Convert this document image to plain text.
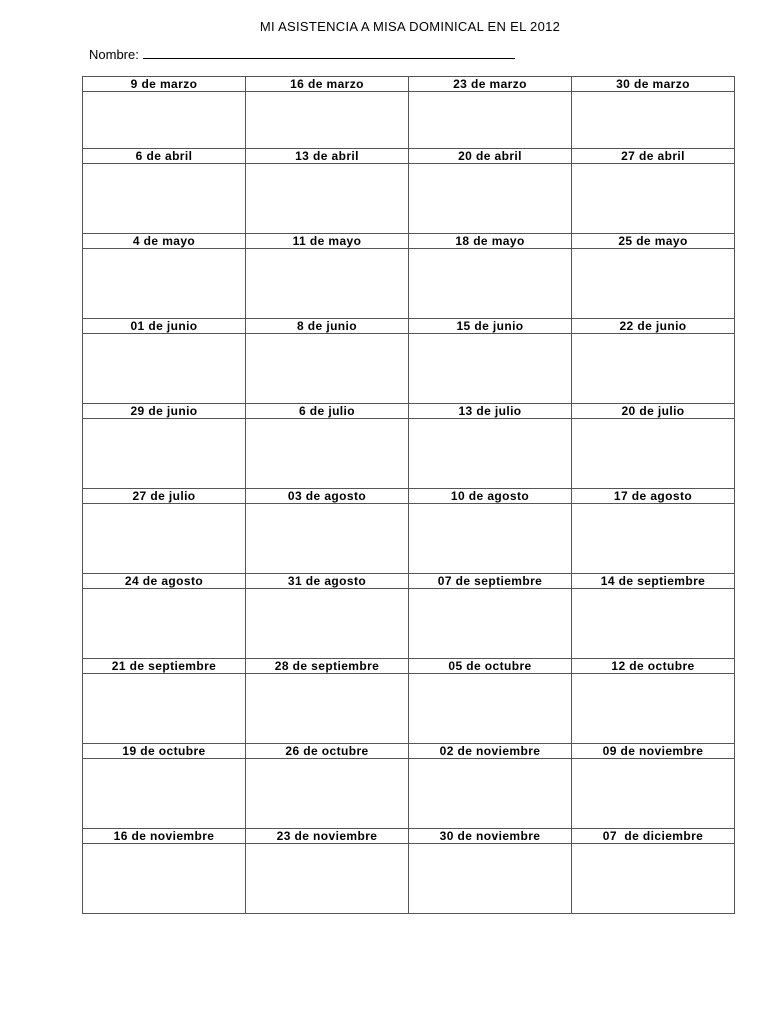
MI ASISTENCIA A MISA DOMINICAL EN EL 2012
Nombre:
9 de marzo	16 de marzo	23 de marzo	30 de marzo

6 de abril	13 de abril	20 de abril	27 de abril

4 de mayo	11 de mayo	18 de mayo	25 de mayo

01 de junio	8 de junio	15 de junio	22 de junio

29 de junio	6 de julio	13 de julio	20 de julio

27 de julio	03 de agosto	10 de agosto	17 de agosto

24 de agosto	31 de agosto	07 de septiembre	14 de septiembre

21 de septiembre	28 de septiembre	05 de octubre	12 de octubre

19 de octubre	26 de octubre	02 de noviembre	09 de noviembre

16 de noviembre	23 de noviembre	30 de noviembre	07  de diciembre
